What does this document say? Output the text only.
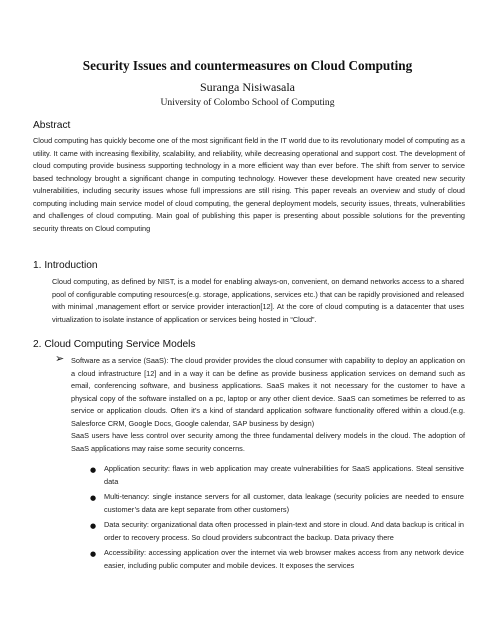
Security Issues and countermeasures on Cloud Computing
Suranga Nisiwasala
University of Colombo School of Computing
Abstract

Cloud computing has quickly become one of the most significant field in the IT world due to its revolutionary model of computing as a utility. It came with increasing flexibility, scalability, and reliability, while decreasing operational and support cost. The development of cloud computing provide business supporting technology in a more efficient way than ever before. The shift from server to service based technology brought a significant change in computing technology. However these development have created new security vulnerabilities, including security issues whose full impressions are still rising. This paper reveals an overview and study of cloud computing including main service model of cloud computing, the general deployment models, security issues, threats, vulnerabilities and challenges of cloud computing. Main goal of publishing this paper is presenting about possible solutions for the preventing security threats on Cloud computing

1. Introduction

Cloud computing, as defined by NIST, is a model for enabling always-on, convenient, on demand networks access to a shared pool of configurable computing resources(e.g. storage, applications, services etc.) that can be rapidly provisioned and released with minimal ,management effort or service provider interaction[12]. At the core of cloud computing is a datacenter that uses virtualization to isolate instance of application or services being hosted in “Cloud”.

2. Cloud Computing Service Models
➢ Software as a service (SaaS): The cloud provider provides the cloud consumer with capability to deploy an application on a cloud infrastructure [12] and in a way it can be define as provide business application services on demand such as email, conferencing software, and business applications. SaaS makes it not necessary for the customer to have a physical copy of the software installed on a pc, laptop or any other client device. SaaS can sometimes be referred to as service or application clouds. Often it’s a kind of standard application software functionality offered within a cloud.(e.g. Salesforce CRM, Google Docs, Google calendar, SAP business by design)

SaaS users have less control over security among the three fundamental delivery models in the cloud. The adoption of SaaS applications may raise some security concerns.

● Application security: flaws in web application may create vulnerabilities for SaaS applications. Steal sensitive data

● Multi-tenancy: single instance servers for all customer, data leakage (security policies are needed to ensure customer’s data are kept separate from other customers)

● Data security: organizational data often processed in plain-text and store in cloud. And data backup is critical in order to recovery process. So cloud providers subcontract the backup. Data privacy there

● Accessibility: accessing application over the internet via web browser makes access from any network device easier, including public computer and mobile devices. It exposes the services
